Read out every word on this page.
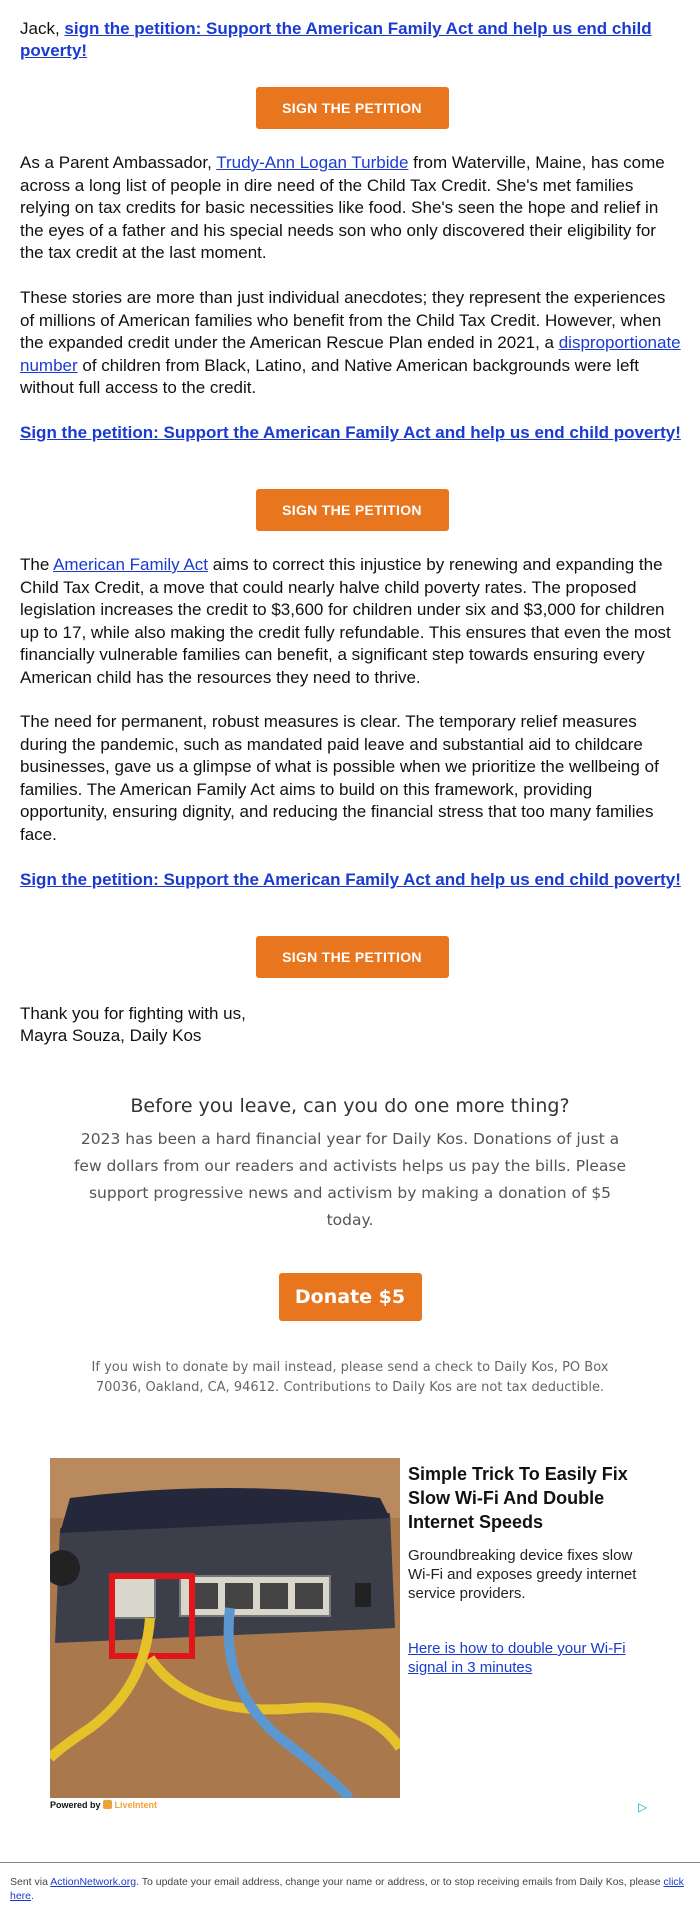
Jack, sign the petition: Support the American Family Act and help us end child poverty!

SIGN THE PETITION

As a Parent Ambassador, Trudy-Ann Logan Turbide from Waterville, Maine, has come across a long list of people in dire need of the Child Tax Credit. She's met families relying on tax credits for basic necessities like food. She's seen the hope and relief in the eyes of a father and his special needs son who only discovered their eligibility for the tax credit at the last moment.

These stories are more than just individual anecdotes; they represent the experiences of millions of American families who benefit from the Child Tax Credit. However, when the expanded credit under the American Rescue Plan ended in 2021, a disproportionate number of children from Black, Latino, and Native American backgrounds were left without full access to the credit.

Sign the petition: Support the American Family Act and help us end child poverty!
SIGN THE PETITION

The American Family Act aims to correct this injustice by renewing and expanding the Child Tax Credit, a move that could nearly halve child poverty rates. The proposed legislation increases the credit to $3,600 for children under six and $3,000 for children up to 17, while also making the credit fully refundable. This ensures that even the most financially vulnerable families can benefit, a significant step towards ensuring every American child has the resources they need to thrive.

The need for permanent, robust measures is clear. The temporary relief measures during the pandemic, such as mandated paid leave and substantial aid to childcare businesses, gave us a glimpse of what is possible when we prioritize the wellbeing of families. The American Family Act aims to build on this framework, providing opportunity, ensuring dignity, and reducing the financial stress that too many families face.

Sign the petition: Support the American Family Act and help us end child poverty!
SIGN THE PETITION

Thank you for fighting with us,
Mayra Souza, Daily Kos

Before you leave, can you do one more thing?
2023 has been a hard financial year for Daily Kos. Donations of just a few dollars from our readers and activists helps us pay the bills. Please support progressive news and activism by making a donation of $5 today.
Donate $5
If you wish to donate by mail instead, please send a check to Daily Kos, PO Box 70036, Oakland, CA, 94612. Contributions to Daily Kos are not tax deductible.
Simple Trick To Easily Fix Slow Wi-Fi And Double Internet Speeds
Groundbreaking device fixes slow Wi-Fi and exposes greedy internet service providers.
Here is how to double your Wi-Fi signal in 3 minutes
Powered by LiveIntent	▷
Sent via ActionNetwork.org. To update your email address, change your name or address, or to stop receiving emails from Daily Kos, please click here.
